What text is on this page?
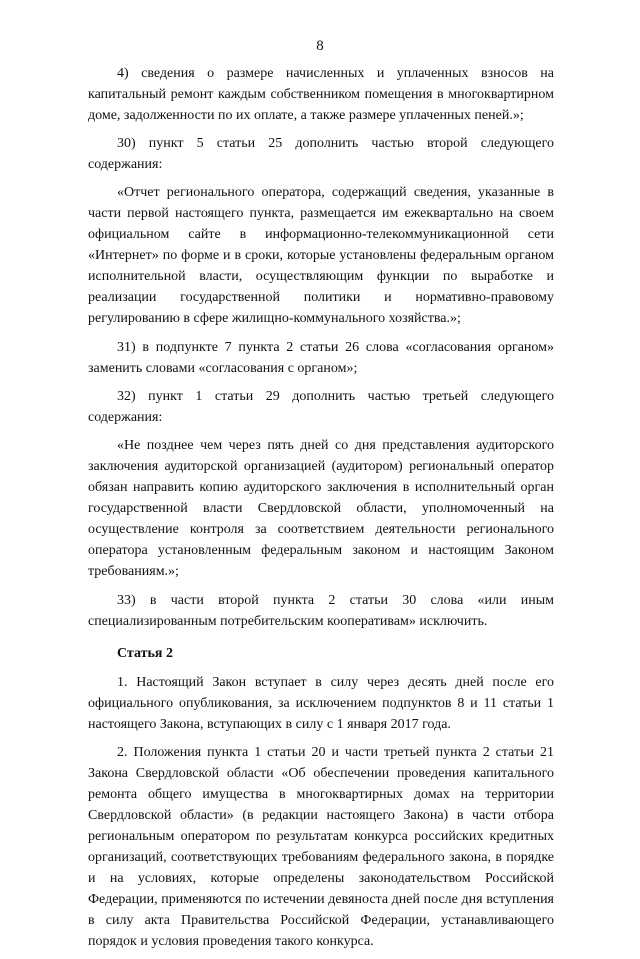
8

4) сведения о размере начисленных и уплаченных взносов на капитальный ремонт каждым собственником помещения в многоквартирном доме, задолженности по их оплате, а также размере уплаченных пеней.»;

30) пункт 5 статьи 25 дополнить частью второй следующего содержания:

«Отчет регионального оператора, содержащий сведения, указанные в части первой настоящего пункта, размещается им ежеквартально на своем официальном сайте в информационно-телекоммуникационной сети «Интернет» по форме и в сроки, которые установлены федеральным органом исполнительной власти, осуществляющим функции по выработке и реализации государственной политики и нормативно-правовому регулированию в сфере жилищно-коммунального хозяйства.»;

31) в подпункте 7 пункта 2 статьи 26 слова «согласования органом» заменить словами «согласования с органом»;

32) пункт 1 статьи 29 дополнить частью третьей следующего содержания:

«Не позднее чем через пять дней со дня представления аудиторского заключения аудиторской организацией (аудитором) региональный оператор обязан направить копию аудиторского заключения в исполнительный орган государственной власти Свердловской области, уполномоченный на осуществление контроля за соответствием деятельности регионального оператора установленным федеральным законом и настоящим Законом требованиям.»;

33) в части второй пункта 2 статьи 30 слова «или иным специализированным потребительским кооперативам» исключить.

Статья 2

1. Настоящий Закон вступает в силу через десять дней после его официального опубликования, за исключением подпунктов 8 и 11 статьи 1 настоящего Закона, вступающих в силу с 1 января 2017 года.

2. Положения пункта 1 статьи 20 и части третьей пункта 2 статьи 21 Закона Свердловской области «Об обеспечении проведения капитального ремонта общего имущества в многоквартирных домах на территории Свердловской области» (в редакции настоящего Закона) в части отбора региональным оператором по результатам конкурса российских кредитных организаций, соответствующих требованиям федерального закона, в порядке и на условиях, которые определены законодательством Российской Федерации, применяются по истечении девяноста дней после дня вступления в силу акта Правительства Российской Федерации, устанавливающего порядок и условия проведения такого конкурса.
